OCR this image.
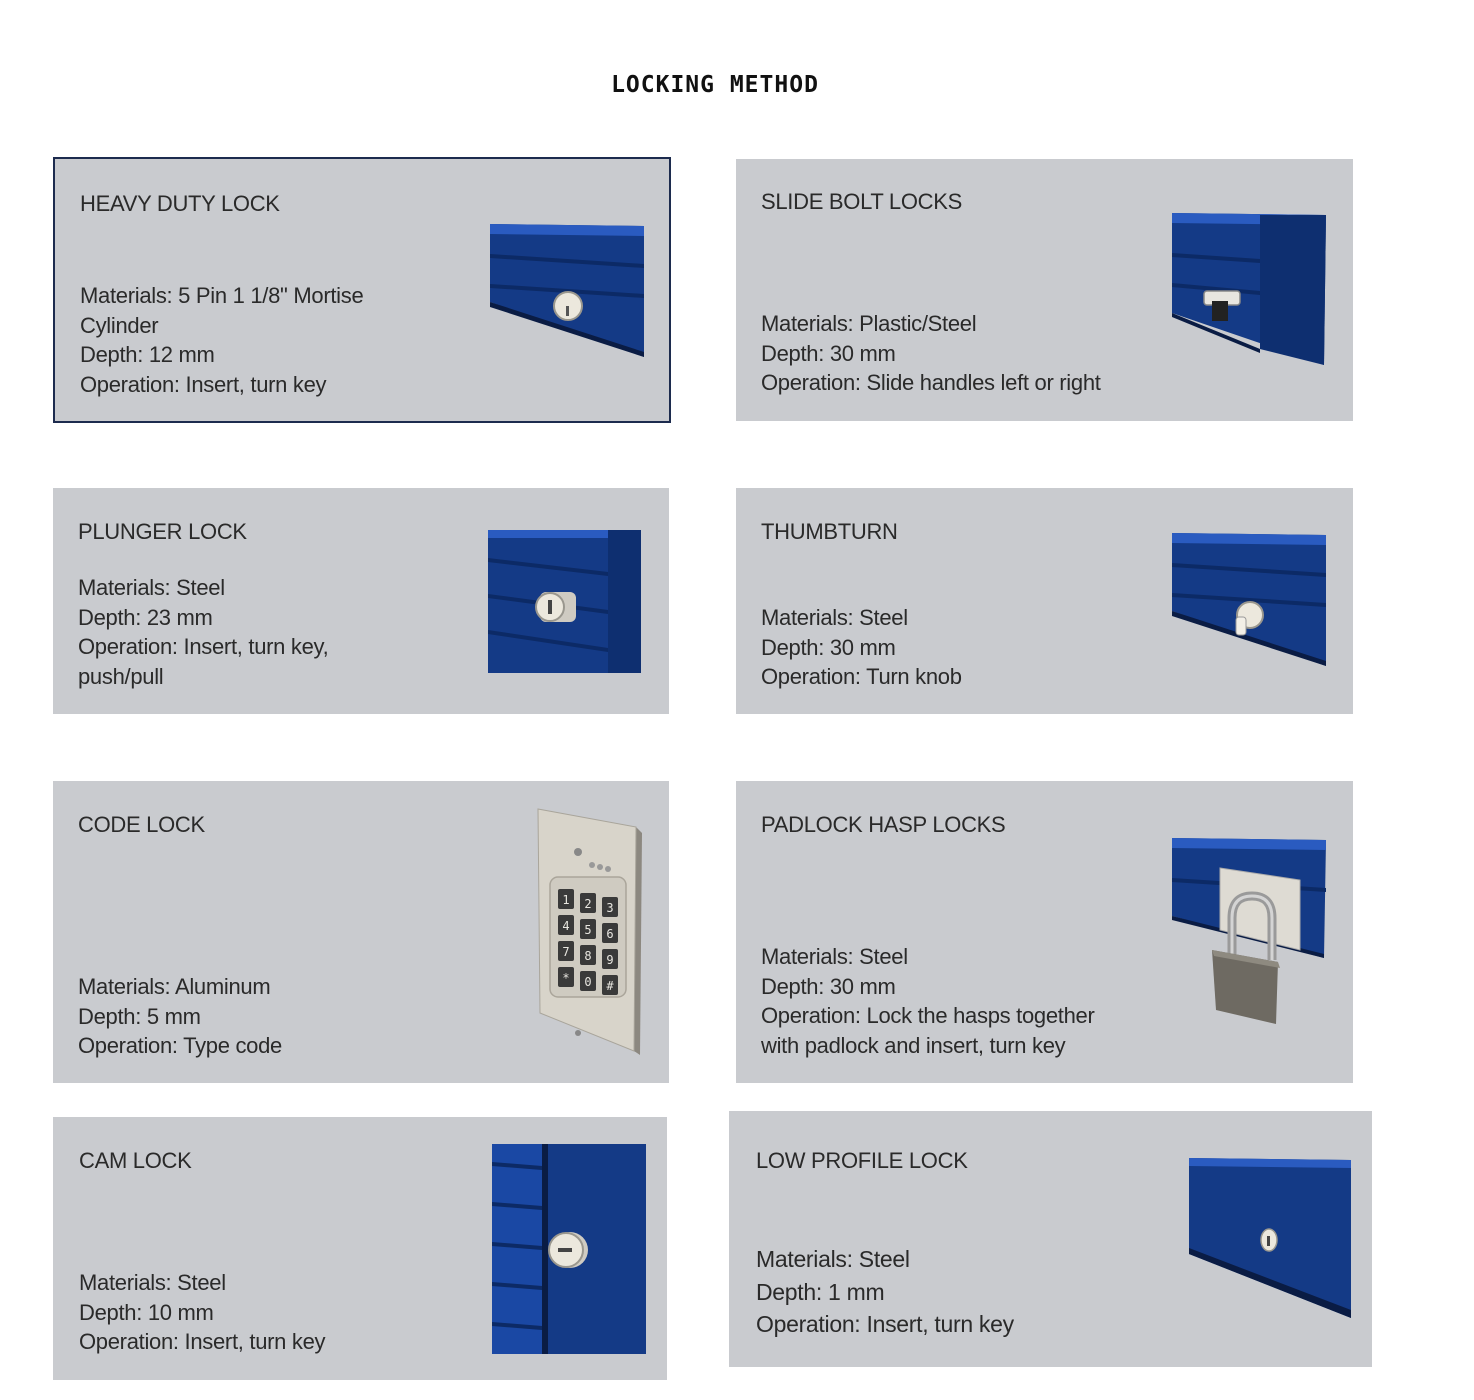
LOCKING METHOD
HEAVY DUTY LOCK
Materials: 5 Pin 1 1/8" Mortise
Cylinder
Depth: 12 mm
Operation: Insert, turn key
SLIDE BOLT LOCKS
Materials: Plastic/Steel
Depth: 30 mm
Operation: Slide handles left or right
PLUNGER LOCK
Materials: Steel
Depth: 23 mm
Operation: Insert, turn key,
push/pull
THUMBTURN
Materials: Steel
Depth: 30 mm
Operation: Turn knob
CODE LOCK
Materials: Aluminum
Depth: 5 mm
Operation: Type code
1 2 3
4 5 6
7 8 9
* 0 #
PADLOCK HASP LOCKS
Materials: Steel
Depth: 30 mm
Operation: Lock the hasps together
with padlock and insert, turn key
CAM LOCK
Materials: Steel
Depth: 10 mm
Operation: Insert, turn key
LOW PROFILE LOCK
Materials: Steel
Depth: 1 mm
Operation: Insert, turn key
